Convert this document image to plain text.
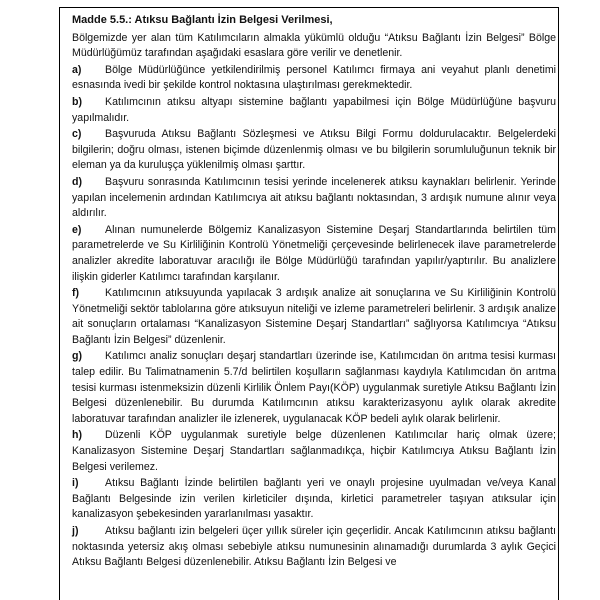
Madde 5.5.: Atıksu Bağlantı İzin Belgesi Verilmesi,
Bölgemizde yer alan tüm Katılımcıların almakla yükümlü olduğu “Atıksu Bağlantı İzin Belgesi” Bölge Müdürlüğümüz tarafından aşağıdaki esaslara göre verilir ve denetlenir.
a) Bölge Müdürlüğünce yetkilendirilmiş personel Katılımcı firmaya ani veyahut planlı denetimi esnasında ivedi bir şekilde kontrol noktasına ulaştırılması gerekmektedir.
b) Katılımcının atıksu altyapı sistemine bağlantı yapabilmesi için Bölge Müdürlüğüne başvuru yapılmalıdır.
c) Başvuruda Atıksu Bağlantı Sözleşmesi ve Atıksu Bilgi Formu doldurulacaktır. Belgelerdeki bilgilerin; doğru olması, istenen biçimde düzenlenmiş olması ve bu bilgilerin sorumluluğunun teknik bir eleman ya da kuruluşça yüklenilmiş olması şarttır.
d) Başvuru sonrasında Katılımcının tesisi yerinde incelenerek atıksu kaynakları belirlenir. Yerinde yapılan incelemenin ardından Katılımcıya ait atıksu bağlantı noktasından, 3 ardışık numune alınır veya aldırılır.
e) Alınan numunelerde Bölgemiz Kanalizasyon Sistemine Deşarj Standartlarında belirtilen tüm parametrelerde ve Su Kirliliğinin Kontrolü Yönetmeliği çerçevesinde belirlenecek ilave parametrelerde analizler akredite laboratuvar aracılığı ile Bölge Müdürlüğü tarafından yapılır/yaptırılır. Bu analizlere ilişkin giderler Katılımcı tarafından karşılanır.
f) Katılımcının atıksuyunda yapılacak 3 ardışık analize ait sonuçlarına ve Su Kirliliğinin Kontrolü Yönetmeliği sektör tablolarına göre atıksuyun niteliği ve izleme parametreleri belirlenir. 3 ardışık analize ait sonuçların ortalaması “Kanalizasyon Sistemine Deşarj Standartları” sağlıyorsa Katılımcıya “Atıksu Bağlantı İzin Belgesi” düzenlenir.
g) Katılımcı analiz sonuçları deşarj standartları üzerinde ise, Katılımcıdan ön arıtma tesisi kurması talep edilir. Bu Talimatnamenin 5.7/d belirtilen koşulların sağlanması kaydıyla Katılımcıdan ön arıtma tesisi kurması istenmeksizin düzenli Kirlilik Önlem Payı(KÖP) uygulanmak suretiyle Atıksu Bağlantı İzin Belgesi düzenlenebilir. Bu durumda Katılımcının atıksu karakterizasyonu aylık olarak akredite laboratuvar tarafından analizler ile izlenerek, uygulanacak KÖP bedeli aylık olarak belirlenir.
h) Düzenli KÖP uygulanmak suretiyle belge düzenlenen Katılımcılar hariç olmak üzere; Kanalizasyon Sistemine Deşarj Standartları sağlanmadıkça, hiçbir Katılımcıya Atıksu Bağlantı İzin Belgesi verilemez.
i)	Atıksu Bağlantı İzinde belirtilen bağlantı yeri ve onaylı projesine uyulmadan ve/veya Kanal Bağlantı Belgesinde izin verilen kirleticiler dışında, kirletici parametreler taşıyan atıksular için kanalizasyon şebekesinden yararlanılması yasaktır.
j)	Atıksu bağlantı izin belgeleri üçer yıllık süreler için geçerlidir. Ancak Katılımcının atıksu bağlantı noktasında yetersiz akış olması sebebiyle atıksu numunesinin alınamadığı durumlarda 3 aylık Geçici Atıksu Bağlantı Belgesi düzenlenebilir. Atıksu Bağlantı İzin Belgesi ve
